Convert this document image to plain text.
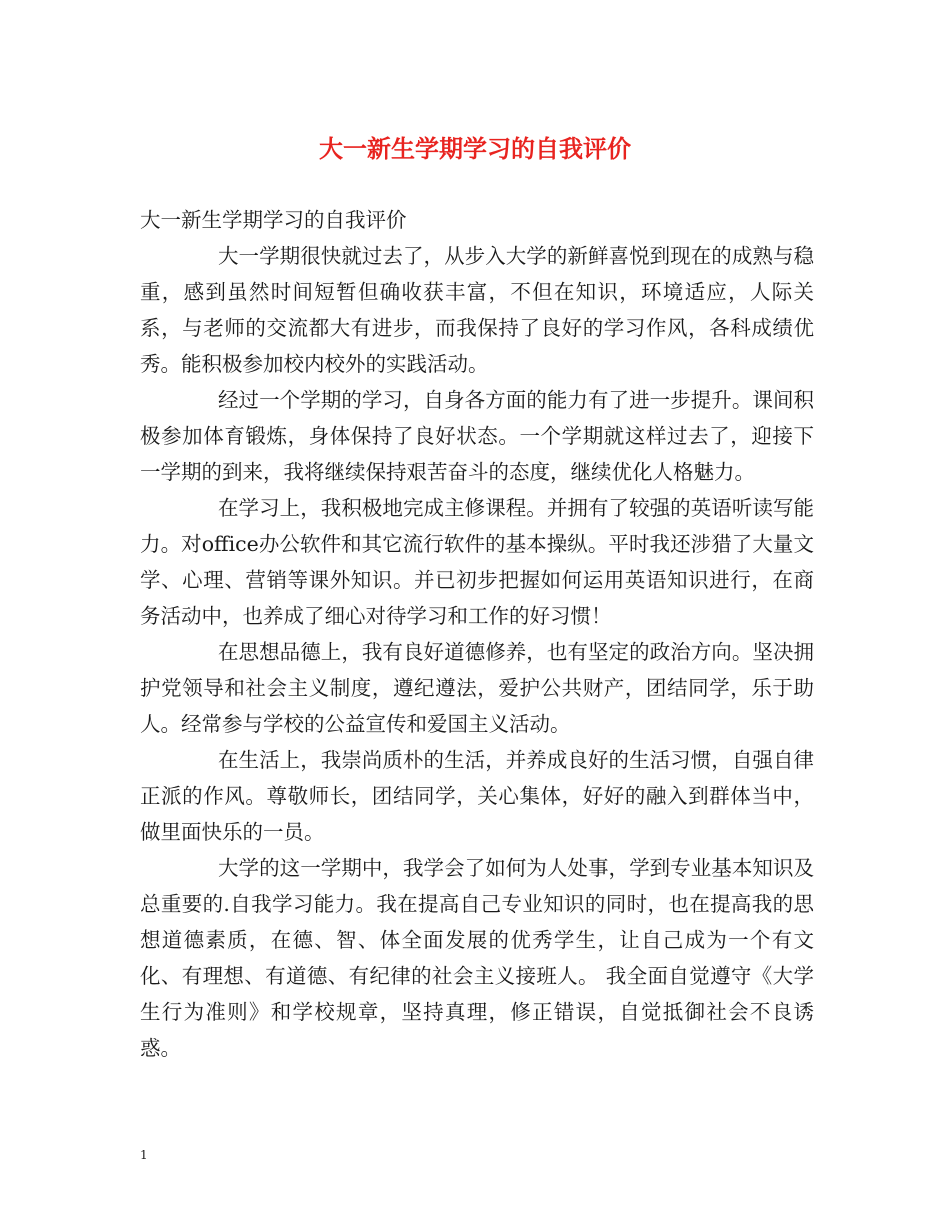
大一新生学期学习的自我评价

大一新生学期学习的自我评价

大一学期很快就过去了，从步入大学的新鲜喜悦到现在的成熟与稳重，感到虽然时间短暂但确收获丰富，不但在知识，环境适应，人际关系，与老师的交流都大有进步，而我保持了良好的学习作风，各科成绩优秀。能积极参加校内校外的实践活动。

经过一个学期的学习，自身各方面的能力有了进一步提升。课间积极参加体育锻炼，身体保持了良好状态。一个学期就这样过去了，迎接下一学期的到来，我将继续保持艰苦奋斗的态度，继续优化人格魅力。

在学习上，我积极地完成主修课程。并拥有了较强的英语听读写能力。对office办公软件和其它流行软件的基本操纵。平时我还涉猎了大量文学、心理、营销等课外知识。并已初步把握如何运用英语知识进行，在商务活动中，也养成了细心对待学习和工作的好习惯！

在思想品德上，我有良好道德修养，也有坚定的政治方向。坚决拥护党领导和社会主义制度，遵纪遵法，爱护公共财产，团结同学，乐于助人。经常参与学校的公益宣传和爱国主义活动。

在生活上，我崇尚质朴的生活，并养成良好的生活习惯，自强自律正派的作风。尊敬师长，团结同学，关心集体，好好的融入到群体当中，做里面快乐的一员。

大学的这一学期中，我学会了如何为人处事，学到专业基本知识及总重要的.自我学习能力。我在提高自己专业知识的同时，也在提高我的思想道德素质，在德、智、体全面发展的优秀学生，让自己成为一个有文化、有理想、有道德、有纪律的社会主义接班人。 我全面自觉遵守《大学生行为准则》和学校规章，坚持真理，修正错误，自觉抵御社会不良诱惑。

1
